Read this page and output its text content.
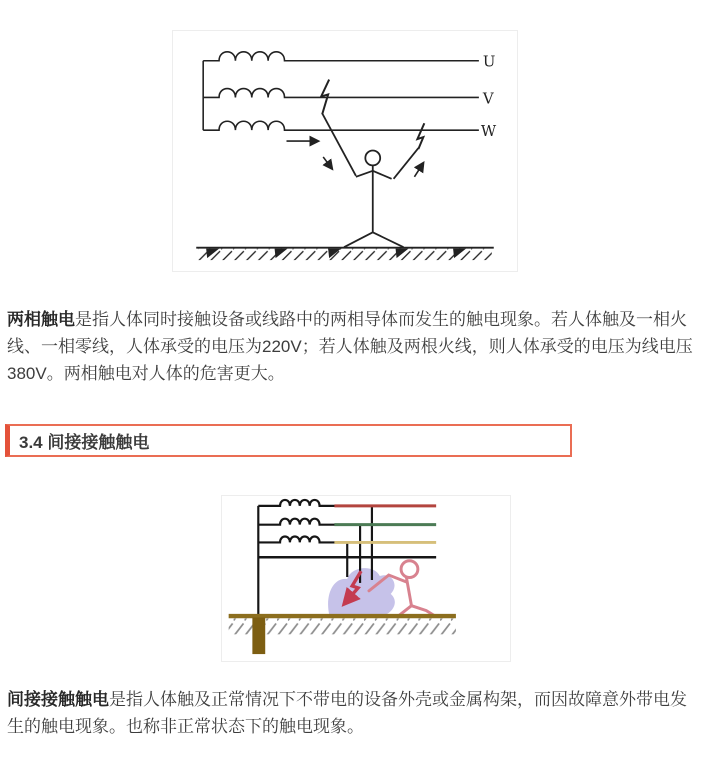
U
V
W

两相触电是指人体同时接触设备或线路中的两相导体而发生的触电现象。若人体触及一相火线、一相零线，人体承受的电压为220V；若人体触及两根火线，则人体承受的电压为线电压380V。两相触电对人体的危害更大。

3.4 间接接触触电

间接接触触电是指人体触及正常情况下不带电的设备外壳或金属构架，而因故障意外带电发生的触电现象。也称非正常状态下的触电现象。
